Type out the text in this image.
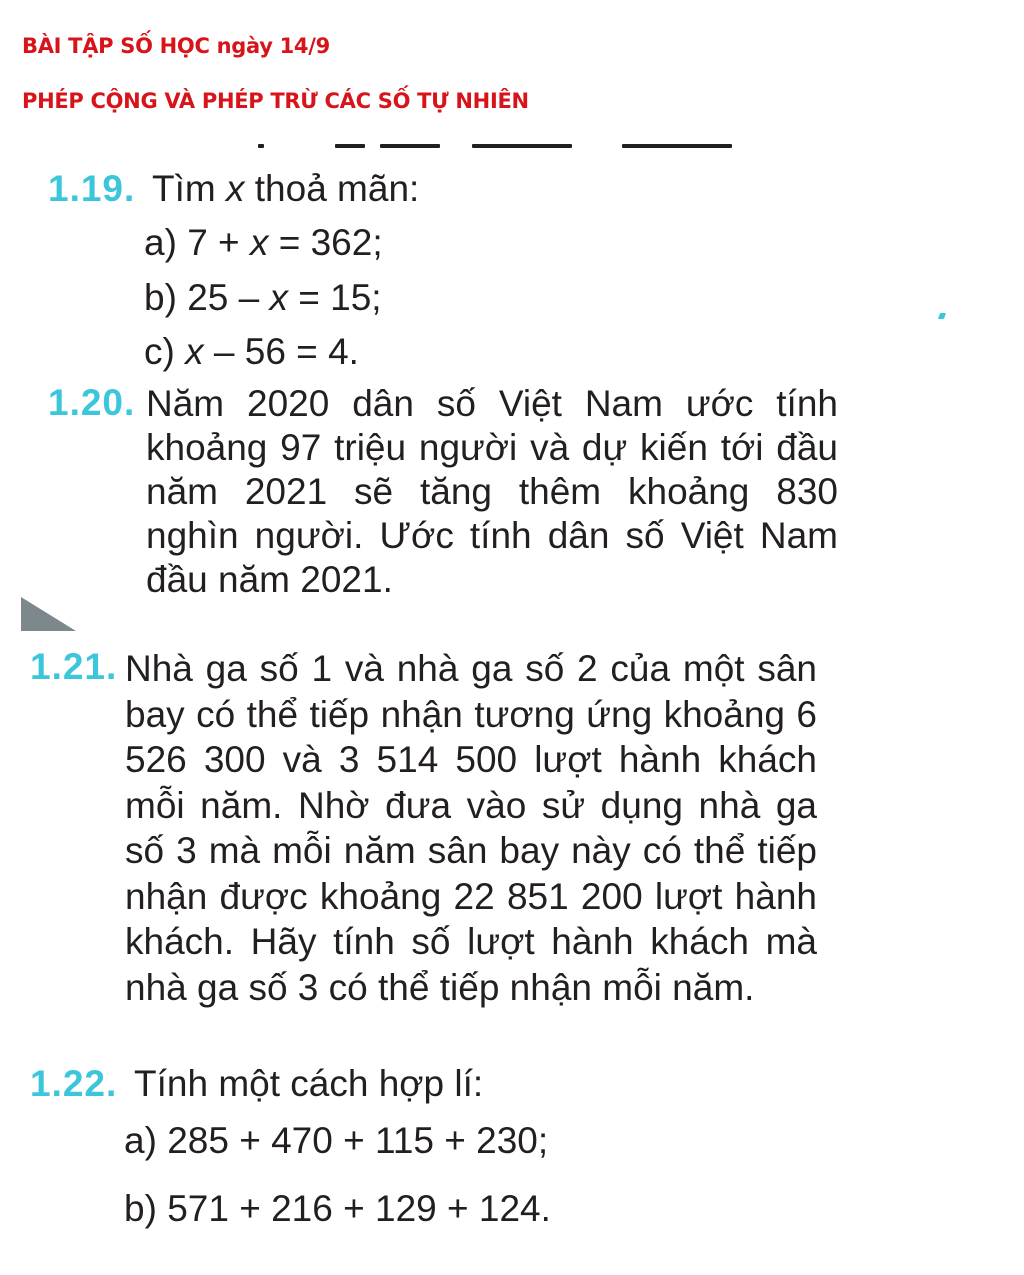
BÀI TẬP SỐ HỌC ngày 14/9
PHÉP CỘNG VÀ PHÉP TRỪ CÁC SỐ TỰ NHIÊN
1.19. Tìm x thoả mãn:
a) 7 + x = 362;
b) 25 – x = 15;
c) x – 56 = 4.
1.20. Năm 2020 dân số Việt Nam ước tính khoảng 97 triệu người và dự kiến tới đầu năm 2021 sẽ tăng thêm khoảng 830 nghìn người. Ước tính dân số Việt Nam đầu năm 2021.

1.21. Nhà ga số 1 và nhà ga số 2 của một sân bay có thể tiếp nhận tương ứng khoảng 6 526 300 và 3 514 500 lượt hành khách mỗi năm. Nhờ đưa vào sử dụng nhà ga số 3 mà mỗi năm sân bay này có thể tiếp nhận được khoảng 22 851 200 lượt hành khách. Hãy tính số lượt hành khách mà nhà ga số 3 có thể tiếp nhận mỗi năm.

1.22. Tính một cách hợp lí:
a) 285 + 470 + 115 + 230;
b) 571 + 216 + 129 + 124.
